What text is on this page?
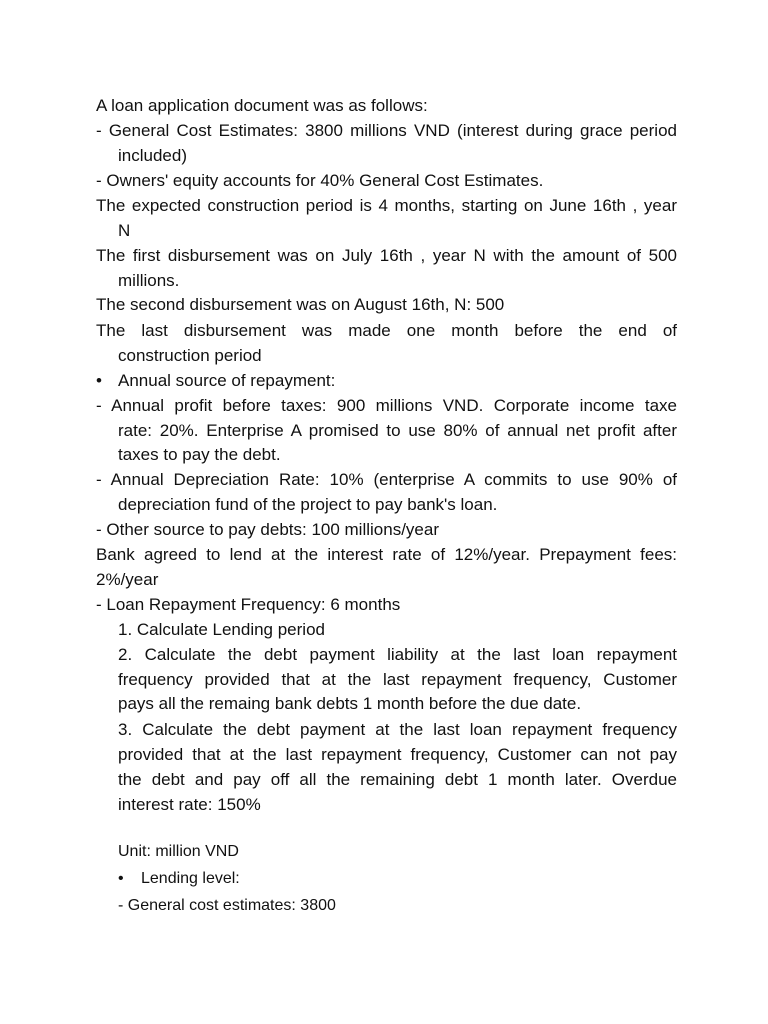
A loan application document was as follows:
- General Cost Estimates: 3800 millions VND (interest during grace period
included)
- Owners' equity accounts for 40% General Cost Estimates.
The expected construction period is 4 months, starting on June 16th , year
N
The first disbursement was on July 16th , year N with the amount of 500
millions.
The second disbursement was on August 16th, N: 500
The last disbursement was made one month before the end of
construction period
• Annual source of repayment:
- Annual profit before taxes: 900 millions VND. Corporate income taxe
rate: 20%. Enterprise A promised to use 80% of annual net profit after
taxes to pay the debt.
- Annual Depreciation Rate: 10% (enterprise A commits to use 90% of
depreciation fund of the project to pay bank's loan.
- Other source to pay debts: 100 millions/year
Bank agreed to lend at the interest rate of 12%/year. Prepayment fees:
2%/year
- Loan Repayment Frequency: 6 months
1. Calculate Lending period
2. Calculate the debt payment liability at the last loan repayment
frequency provided that at the last repayment frequency, Customer
pays all the remaing bank debts 1 month before the due date.
3. Calculate the debt payment at the last loan repayment frequency
provided that at the last repayment frequency, Customer can not pay
the debt and pay off all the remaining debt 1 month later. Overdue
interest rate: 150%
Unit: million VND
• Lending level:
- General cost estimates: 3800
